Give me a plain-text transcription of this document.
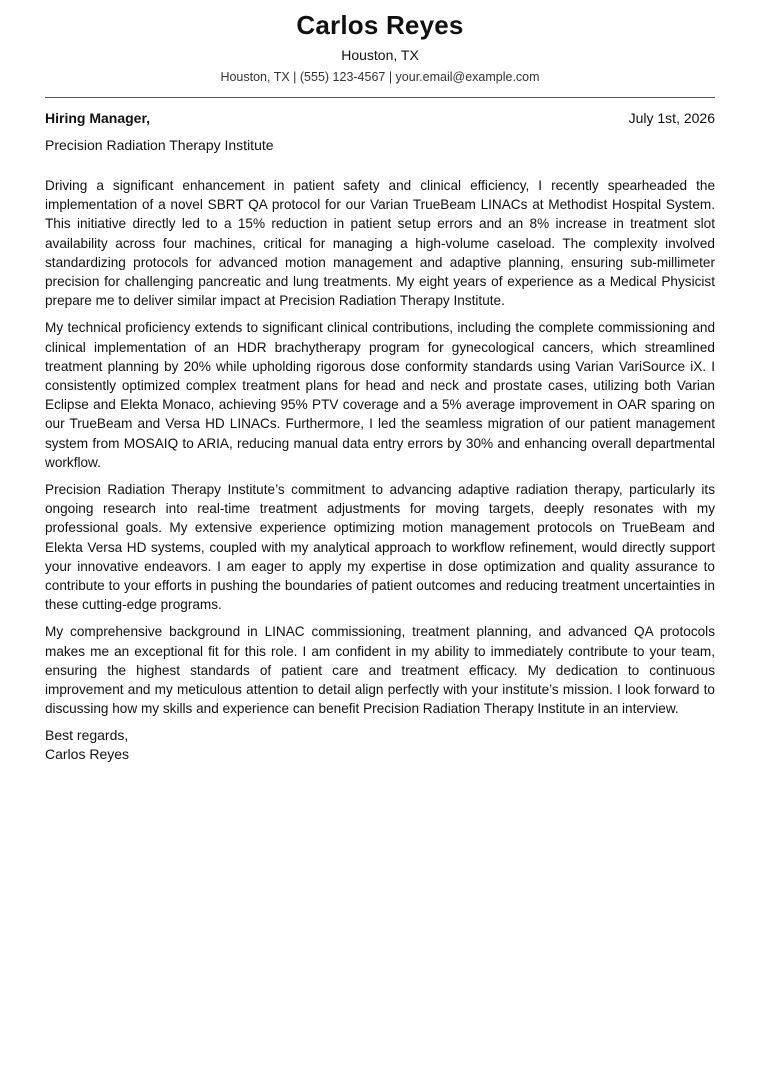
Carlos Reyes
Houston, TX
Houston, TX | (555) 123-4567 | your.email@example.com
Hiring Manager,	July 1st, 2026
Precision Radiation Therapy Institute

Driving a significant enhancement in patient safety and clinical efficiency, I recently spearheaded the implementation of a novel SBRT QA protocol for our Varian TrueBeam LINACs at Methodist Hospital System. This initiative directly led to a 15% reduction in patient setup errors and an 8% increase in treatment slot availability across four machines, critical for managing a high-volume caseload. The complexity involved standardizing protocols for advanced motion management and adaptive planning, ensuring sub-millimeter precision for challenging pancreatic and lung treatments. My eight years of experience as a Medical Physicist prepare me to deliver similar impact at Precision Radiation Therapy Institute.

My technical proficiency extends to significant clinical contributions, including the complete commissioning and clinical implementation of an HDR brachytherapy program for gynecological cancers, which streamlined treatment planning by 20% while upholding rigorous dose conformity standards using Varian VariSource iX. I consistently optimized complex treatment plans for head and neck and prostate cases, utilizing both Varian Eclipse and Elekta Monaco, achieving 95% PTV coverage and a 5% average improvement in OAR sparing on our TrueBeam and Versa HD LINACs. Furthermore, I led the seamless migration of our patient management system from MOSAIQ to ARIA, reducing manual data entry errors by 30% and enhancing overall departmental workflow.

Precision Radiation Therapy Institute’s commitment to advancing adaptive radiation therapy, particularly its ongoing research into real-time treatment adjustments for moving targets, deeply resonates with my professional goals. My extensive experience optimizing motion management protocols on TrueBeam and Elekta Versa HD systems, coupled with my analytical approach to workflow refinement, would directly support your innovative endeavors. I am eager to apply my expertise in dose optimization and quality assurance to contribute to your efforts in pushing the boundaries of patient outcomes and reducing treatment uncertainties in these cutting-edge programs.

My comprehensive background in LINAC commissioning, treatment planning, and advanced QA protocols makes me an exceptional fit for this role. I am confident in my ability to immediately contribute to your team, ensuring the highest standards of patient care and treatment efficacy. My dedication to continuous improvement and my meticulous attention to detail align perfectly with your institute’s mission. I look forward to discussing how my skills and experience can benefit Precision Radiation Therapy Institute in an interview.

Best regards,
Carlos Reyes
